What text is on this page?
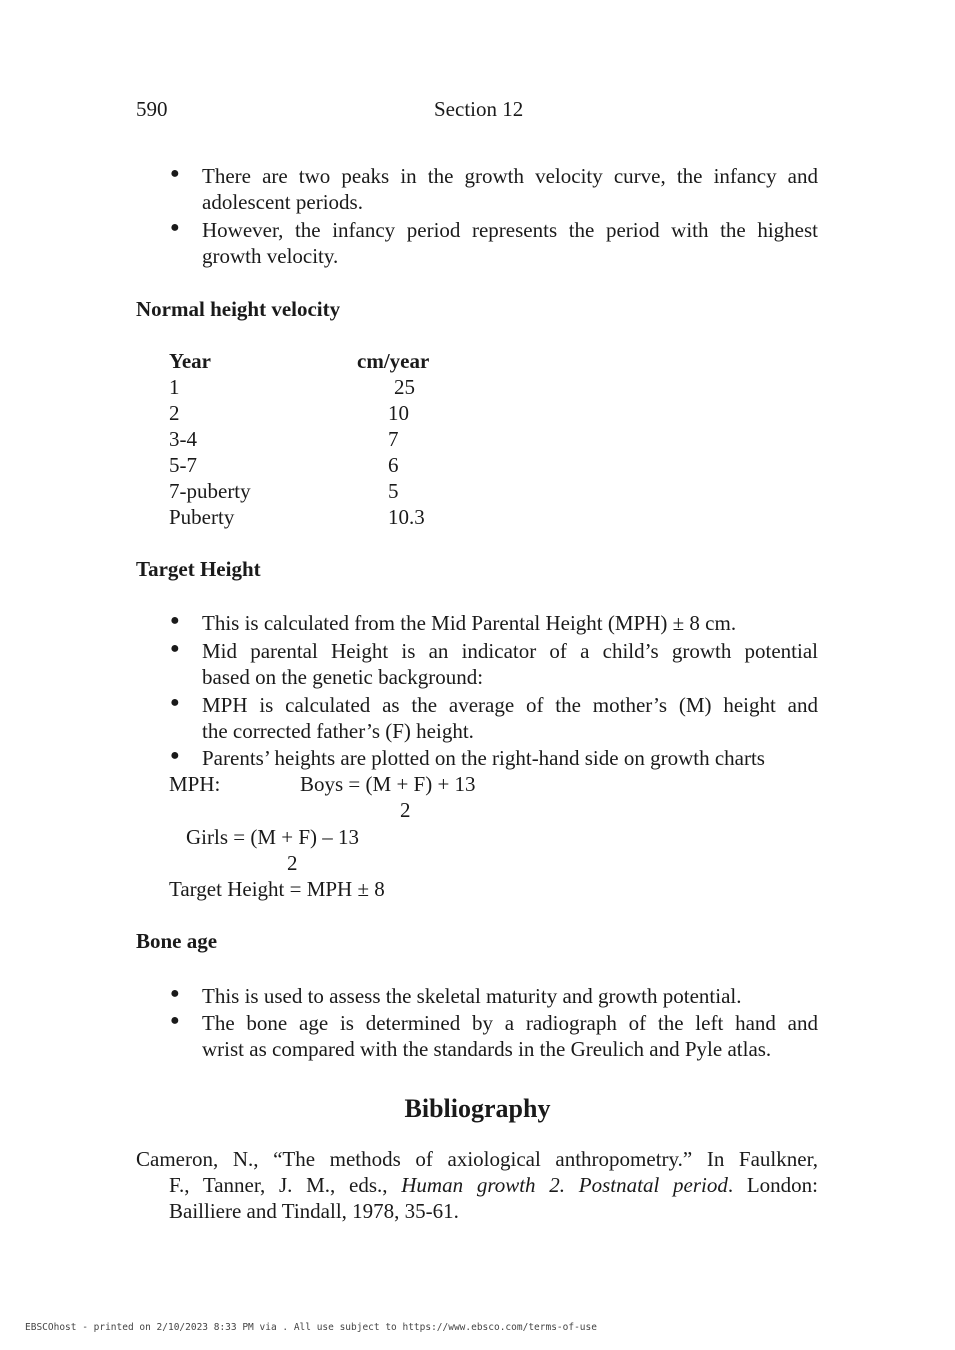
590	Section 12
● There are two peaks in the growth velocity curve, the infancy and
adolescent periods.
● However, the infancy period represents the period with the highest
growth velocity.
Normal height velocity
Year	cm/year
1	25
2	10
3-4	7
5-7	6
7-puberty	5
Puberty	10.3
Target Height
● This is calculated from the Mid Parental Height (MPH) ± 8 cm.
● Mid parental Height is an indicator of a child’s growth potential
based on the genetic background:
● MPH is calculated as the average of the mother’s (M) height and
the corrected father’s (F) height.
● Parents’ heights are plotted on the right-hand side on growth charts
MPH:	Boys = (M + F) + 13
2
Girls = (M + F) – 13
2
Target Height = MPH ± 8
Bone age
● This is used to assess the skeletal maturity and growth potential.
● The bone age is determined by a radiograph of the left hand and
wrist as compared with the standards in the Greulich and Pyle atlas.
Bibliography
Cameron, N., “The methods of axiological anthropometry.” In Faulkner,
F., Tanner, J. M., eds., Human growth 2. Postnatal period. London:
Bailliere and Tindall, 1978, 35-61.
EBSCOhost - printed on 2/10/2023 8:33 PM via . All use subject to https://www.ebsco.com/terms-of-use
